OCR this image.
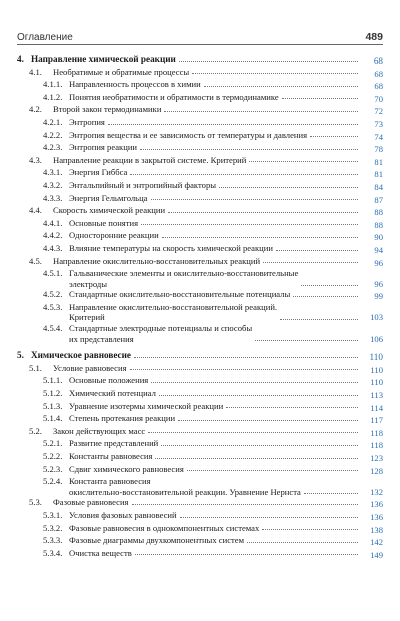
Оглавление	489
4. Направление химической реакции	68
4.1.	Необратимые и обратимые процессы	68
4.1.1. Направленность процессов в химии	68
4.1.2. Понятия необратимости и обратимости в термодинамике	70
4.2.	Второй закон термодинамики	72
4.2.1. Энтропия	73
4.2.2. Энтропия вещества и ее зависимость от температуры и давления	74
4.2.3. Энтропия реакции	78
4.3.	Направление реакции в закрытой системе. Критерий	81
4.3.1. Энергия Гиббса	81
4.3.2. Энтальпийный и энтропийный факторы	84
4.3.3. Энергия Гельмгольца	87
4.4.	Скорость химической реакции	88
4.4.1. Основные понятия	88
4.4.2. Односторонние реакции	90
4.4.3. Влияние температуры на скорость химической реакции	94
4.5.	Направление окислительно-восстановительных реакций	96
4.5.1. Гальванические элементы и окислительно-восстановительные
электроды	96
4.5.2. Стандартные окислительно-восстановительные потенциалы	99
4.5.3. Направление окислительно-восстановительной реакций.
Критерий	103
4.5.4. Стандартные электродные потенциалы и способы
их представления	106
5. Химическое равновесие	110
5.1.	Условие равновесия	110
5.1.1. Основные положения	110
5.1.2. Химический потенциал	113
5.1.3. Уравнение изотермы химической реакции	114
5.1.4. Степень протекания реакции	117
5.2.	Закон действующих масс	118
5.2.1. Развитие представлений	118
5.2.2. Константы равновесия	123
5.2.3. Сдвиг химического равновесия	128
5.2.4. Константа равновесия
окислительно-восстановительной реакции. Уравнение Нернста	132
5.3.	Фазовые равновесия	136
5.3.1. Условия фазовых равновесий	136
5.3.2. Фазовые равновесия в однокомпонентных системах	138
5.3.3. Фазовые диаграммы двухкомпонентных систем	142
5.3.4. Очистка веществ	149
